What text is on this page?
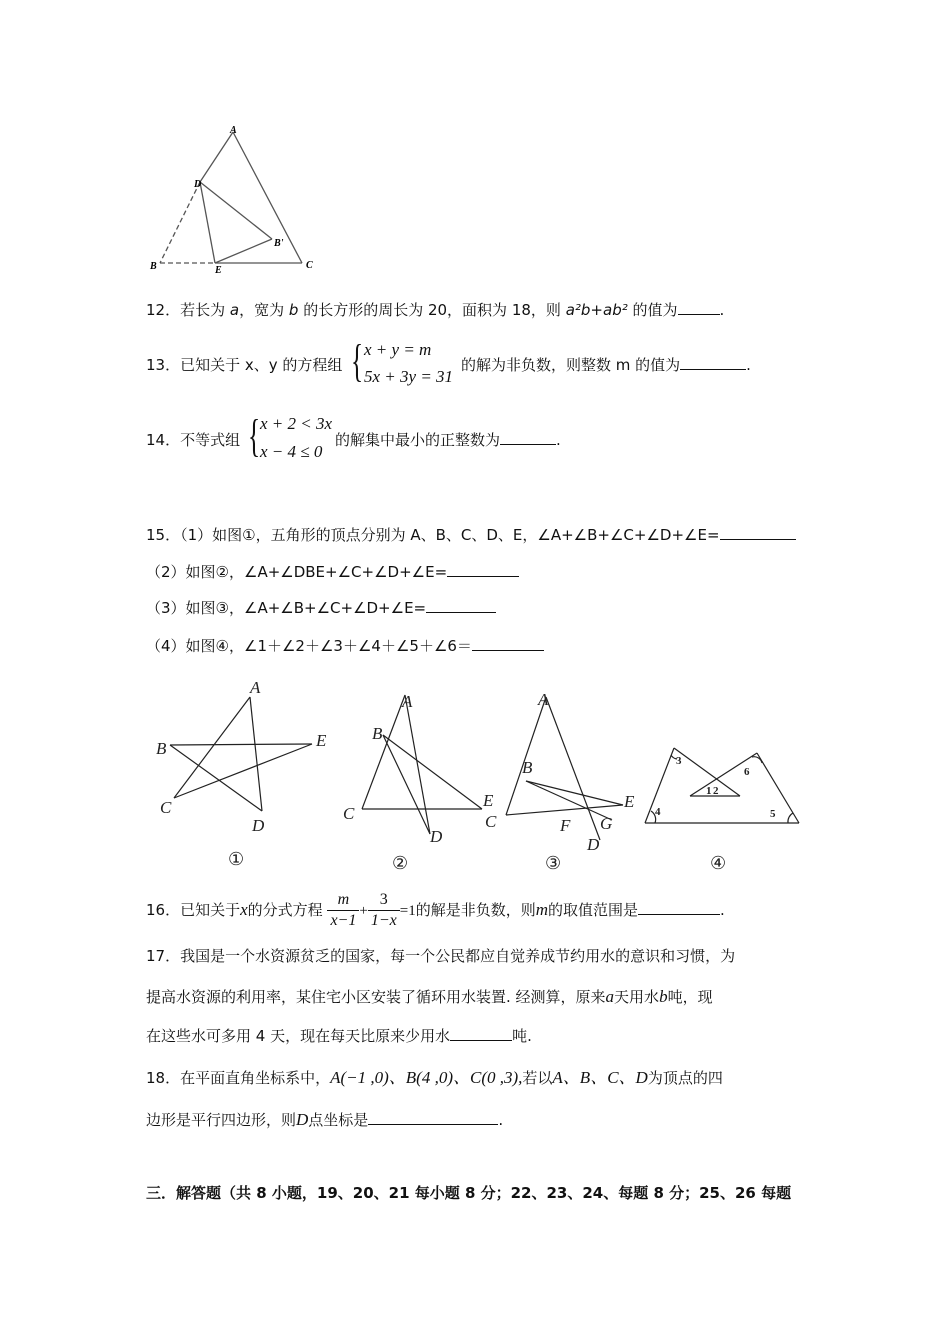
A
D
B	E
B'
C
12．若长为 a，宽为 b 的长方形的周长为 20，面积为 18，则 a²b+ab² 的值为	.
13．已知关于 x、y 的方程组 { x + y = m
5x + 3y = 31
的解为非负数，则整数 m 的值为	.
14．不等式组 { x + 2 < 3x
x − 4 ≤ 0
的解集中最小的正整数为	.
15．（1）如图①，五角形的顶点分别为 A、B、C、D、E，∠A+∠B+∠C+∠D+∠E=
（2）如图②，∠A+∠DBE+∠C+∠D+∠E=
（3）如图③，∠A+∠B+∠C+∠D+∠E=
（4）如图④，∠1＋∠2＋∠3＋∠4＋∠5＋∠6＝
A
B
C
D
E
A
B
C
D
E
A
B
C
D
E
F G
1 2
3
4	5
6
①	②	③	④
16．已知关于x的分式方程 $\frac{m}{x-1} + \frac{3}{1-x} =1$的解是非负数，则m的取值范围是	.
17．我国是一个水资源贫乏的国家，每一个公民都应自觉养成节约用水的意识和习惯，为
提高水资源的利用率，某住宅小区安装了循环用水装置. 经测算，原来a天用水b吨，现
在这些水可多用 4 天，现在每天比原来少用水	吨.
18．在平面直角坐标系中，A(−1 ,0)、B(4 ,0)、C(0 ,3),若以A、B、C、D为顶点的四
边形是平行四边形，则D点坐标是	.
三．解答题（共 8 小题，19、20、21 每小题 8 分；22、23、24、每题 8 分；25、26 每题
